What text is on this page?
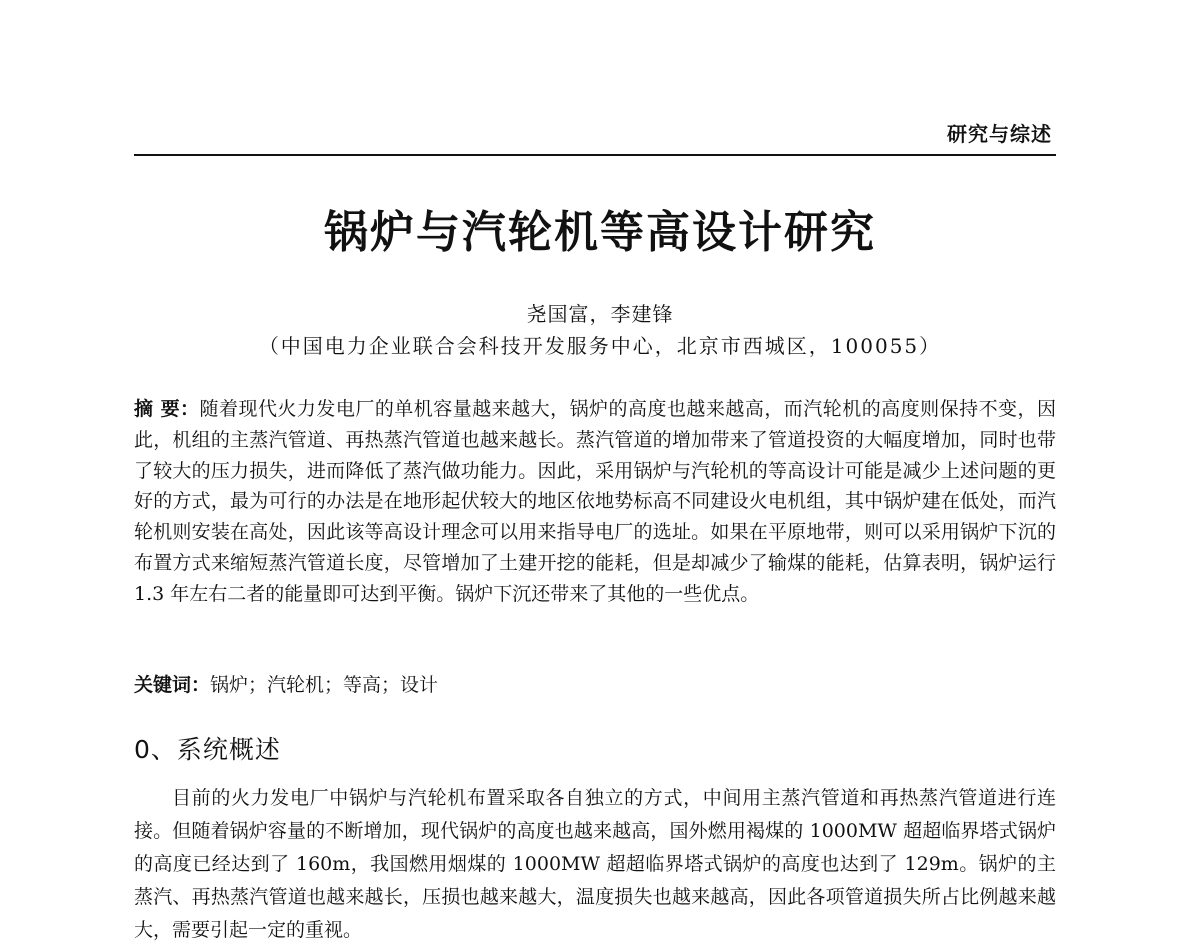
研究与综述
锅炉与汽轮机等高设计研究
尧国富，李建锋
（中国电力企业联合会科技开发服务中心，北京市西城区，100055）
摘 要：随着现代火力发电厂的单机容量越来越大，锅炉的高度也越来越高，而汽轮机的高度则保持不变，因此，机组的主蒸汽管道、再热蒸汽管道也越来越长。蒸汽管道的增加带来了管道投资的大幅度增加，同时也带了较大的压力损失，进而降低了蒸汽做功能力。因此，采用锅炉与汽轮机的等高设计可能是减少上述问题的更好的方式，最为可行的办法是在地形起伏较大的地区依地势标高不同建设火电机组，其中锅炉建在低处，而汽轮机则安装在高处，因此该等高设计理念可以用来指导电厂的选址。如果在平原地带，则可以采用锅炉下沉的布置方式来缩短蒸汽管道长度，尽管增加了土建开挖的能耗，但是却减少了输煤的能耗，估算表明，锅炉运行 1.3 年左右二者的能量即可达到平衡。锅炉下沉还带来了其他的一些优点。
关键词：锅炉；汽轮机；等高；设计
0、系统概述
目前的火力发电厂中锅炉与汽轮机布置采取各自独立的方式，中间用主蒸汽管道和再热蒸汽管道进行连接。但随着锅炉容量的不断增加，现代锅炉的高度也越来越高，国外燃用褐煤的 1000MW 超超临界塔式锅炉的高度已经达到了 160m，我国燃用烟煤的 1000MW 超超临界塔式锅炉的高度也达到了 129m。锅炉的主蒸汽、再热蒸汽管道也越来越长，压损也越来越大，温度损失也越来越高，因此各项管道损失所占比例越来越大，需要引起一定的重视。
